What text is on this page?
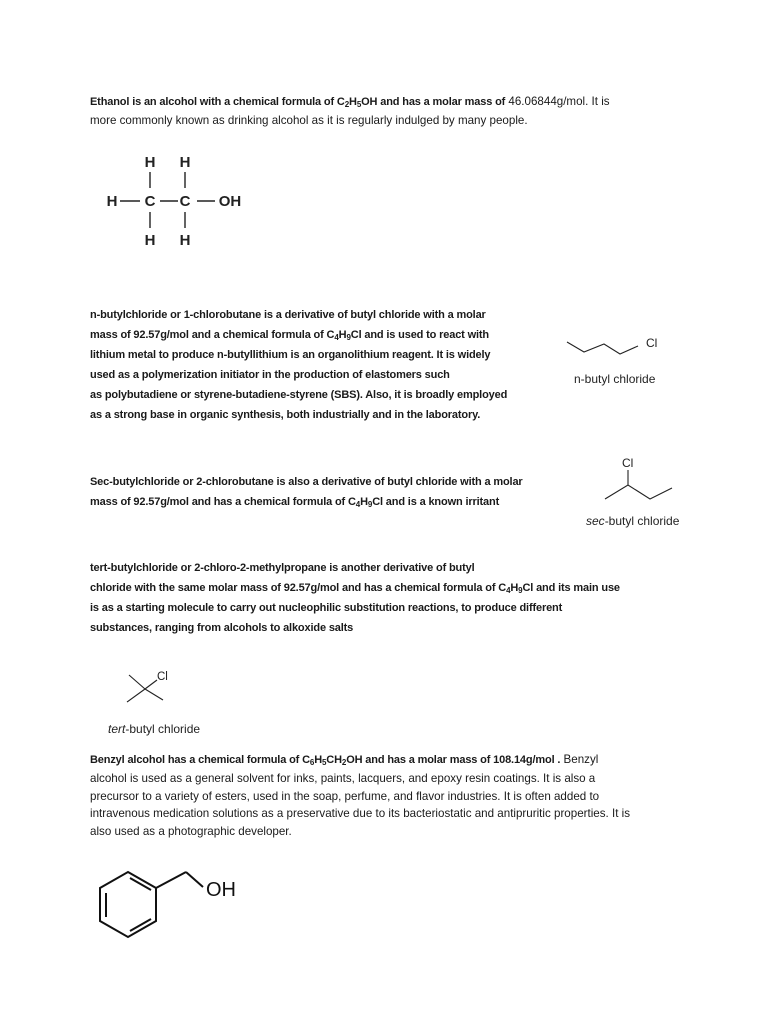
Ethanol is an alcohol with a chemical formula of $C_2H_5OH$ and has a molar mass of 46.06844g/mol. It is
more commonly known as drinking alcohol as it is regularly indulged by many people.
H H
H C C OH
H H
n-butylchloride or 1-chlorobutane is a derivative of butyl chloride with a molar
mass of 92.57g/mol and a chemical formula of $C_4H_9Cl$ and is used to react with
lithium metal to produce n-butyllithium is an organolithium reagent. It is widely
used as a polymerization initiator in the production of elastomers such
as polybutadiene or styrene-butadiene-styrene (SBS). Also, it is broadly employed
as a strong base in organic synthesis, both industrially and in the laboratory.
Cl
n-butyl chloride
Sec-butylchloride or 2-chlorobutane is also a derivative of butyl chloride with a molar
mass of 92.57g/mol and has a chemical formula of $C_4H_9Cl$ and is a known irritant
Cl
sec-butyl chloride
tert-butylchloride or 2-chloro-2-methylpropane is another derivative of butyl
chloride with the same molar mass of 92.57g/mol and has a chemical formula of $C_4H_9Cl$ and its main use
is as a starting molecule to carry out nucleophilic substitution reactions, to produce different
substances, ranging from alcohols to alkoxide salts
Cl
tert-butyl chloride
Benzyl alcohol has a chemical formula of $C_6H_5CH_2OH$ and has a molar mass of 108.14g/mol . Benzyl
alcohol is used as a general solvent for inks, paints, lacquers, and epoxy resin coatings. It is also a
precursor to a variety of esters, used in the soap, perfume, and flavor industries. It is often added to
intravenous medication solutions as a preservative due to its bacteriostatic and antipruritic properties. It is
also used as a photographic developer.
OH
